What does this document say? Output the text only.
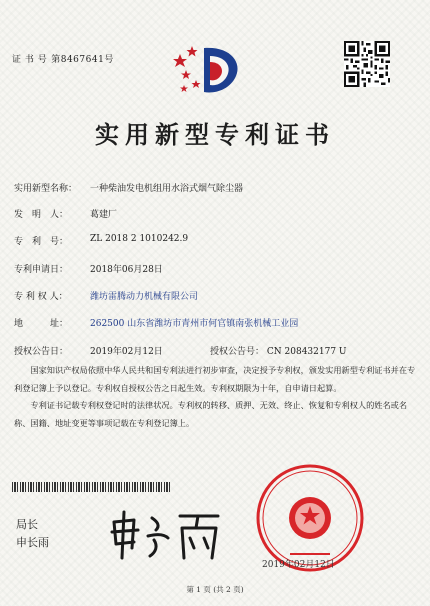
证 书 号 第8467641号
实用新型专利证书
实用新型名称： 一种柴油发电机组用水浴式烟气除尘器
发　明　人： 葛建厂
专　利　号： ZL 2018 2 1010242.9
专利申请日： 2018年06月28日
专 利 权 人： 潍坊雷腾动力机械有限公司
地　　　址： 262500 山东省潍坊市青州市何官镇南张机械工业园
授权公告日： 2019年02月12日	授权公告号： CN 208432177 U

国家知识产权局依照中华人民共和国专利法进行初步审查，决定授予专利权，颁发实用新型专利证书并在专利登记簿上予以登记。专利权自授权公告之日起生效。专利权期限为十年，自申请日起算。

专利证书记载专利权登记时的法律状况。专利权的转移、质押、无效、终止、恢复和专利权人的姓名或名称、国籍、地址变更等事项记载在专利登记簿上。

局长
申长雨
2019年02月12日
第 1 页 (共 2 页)
